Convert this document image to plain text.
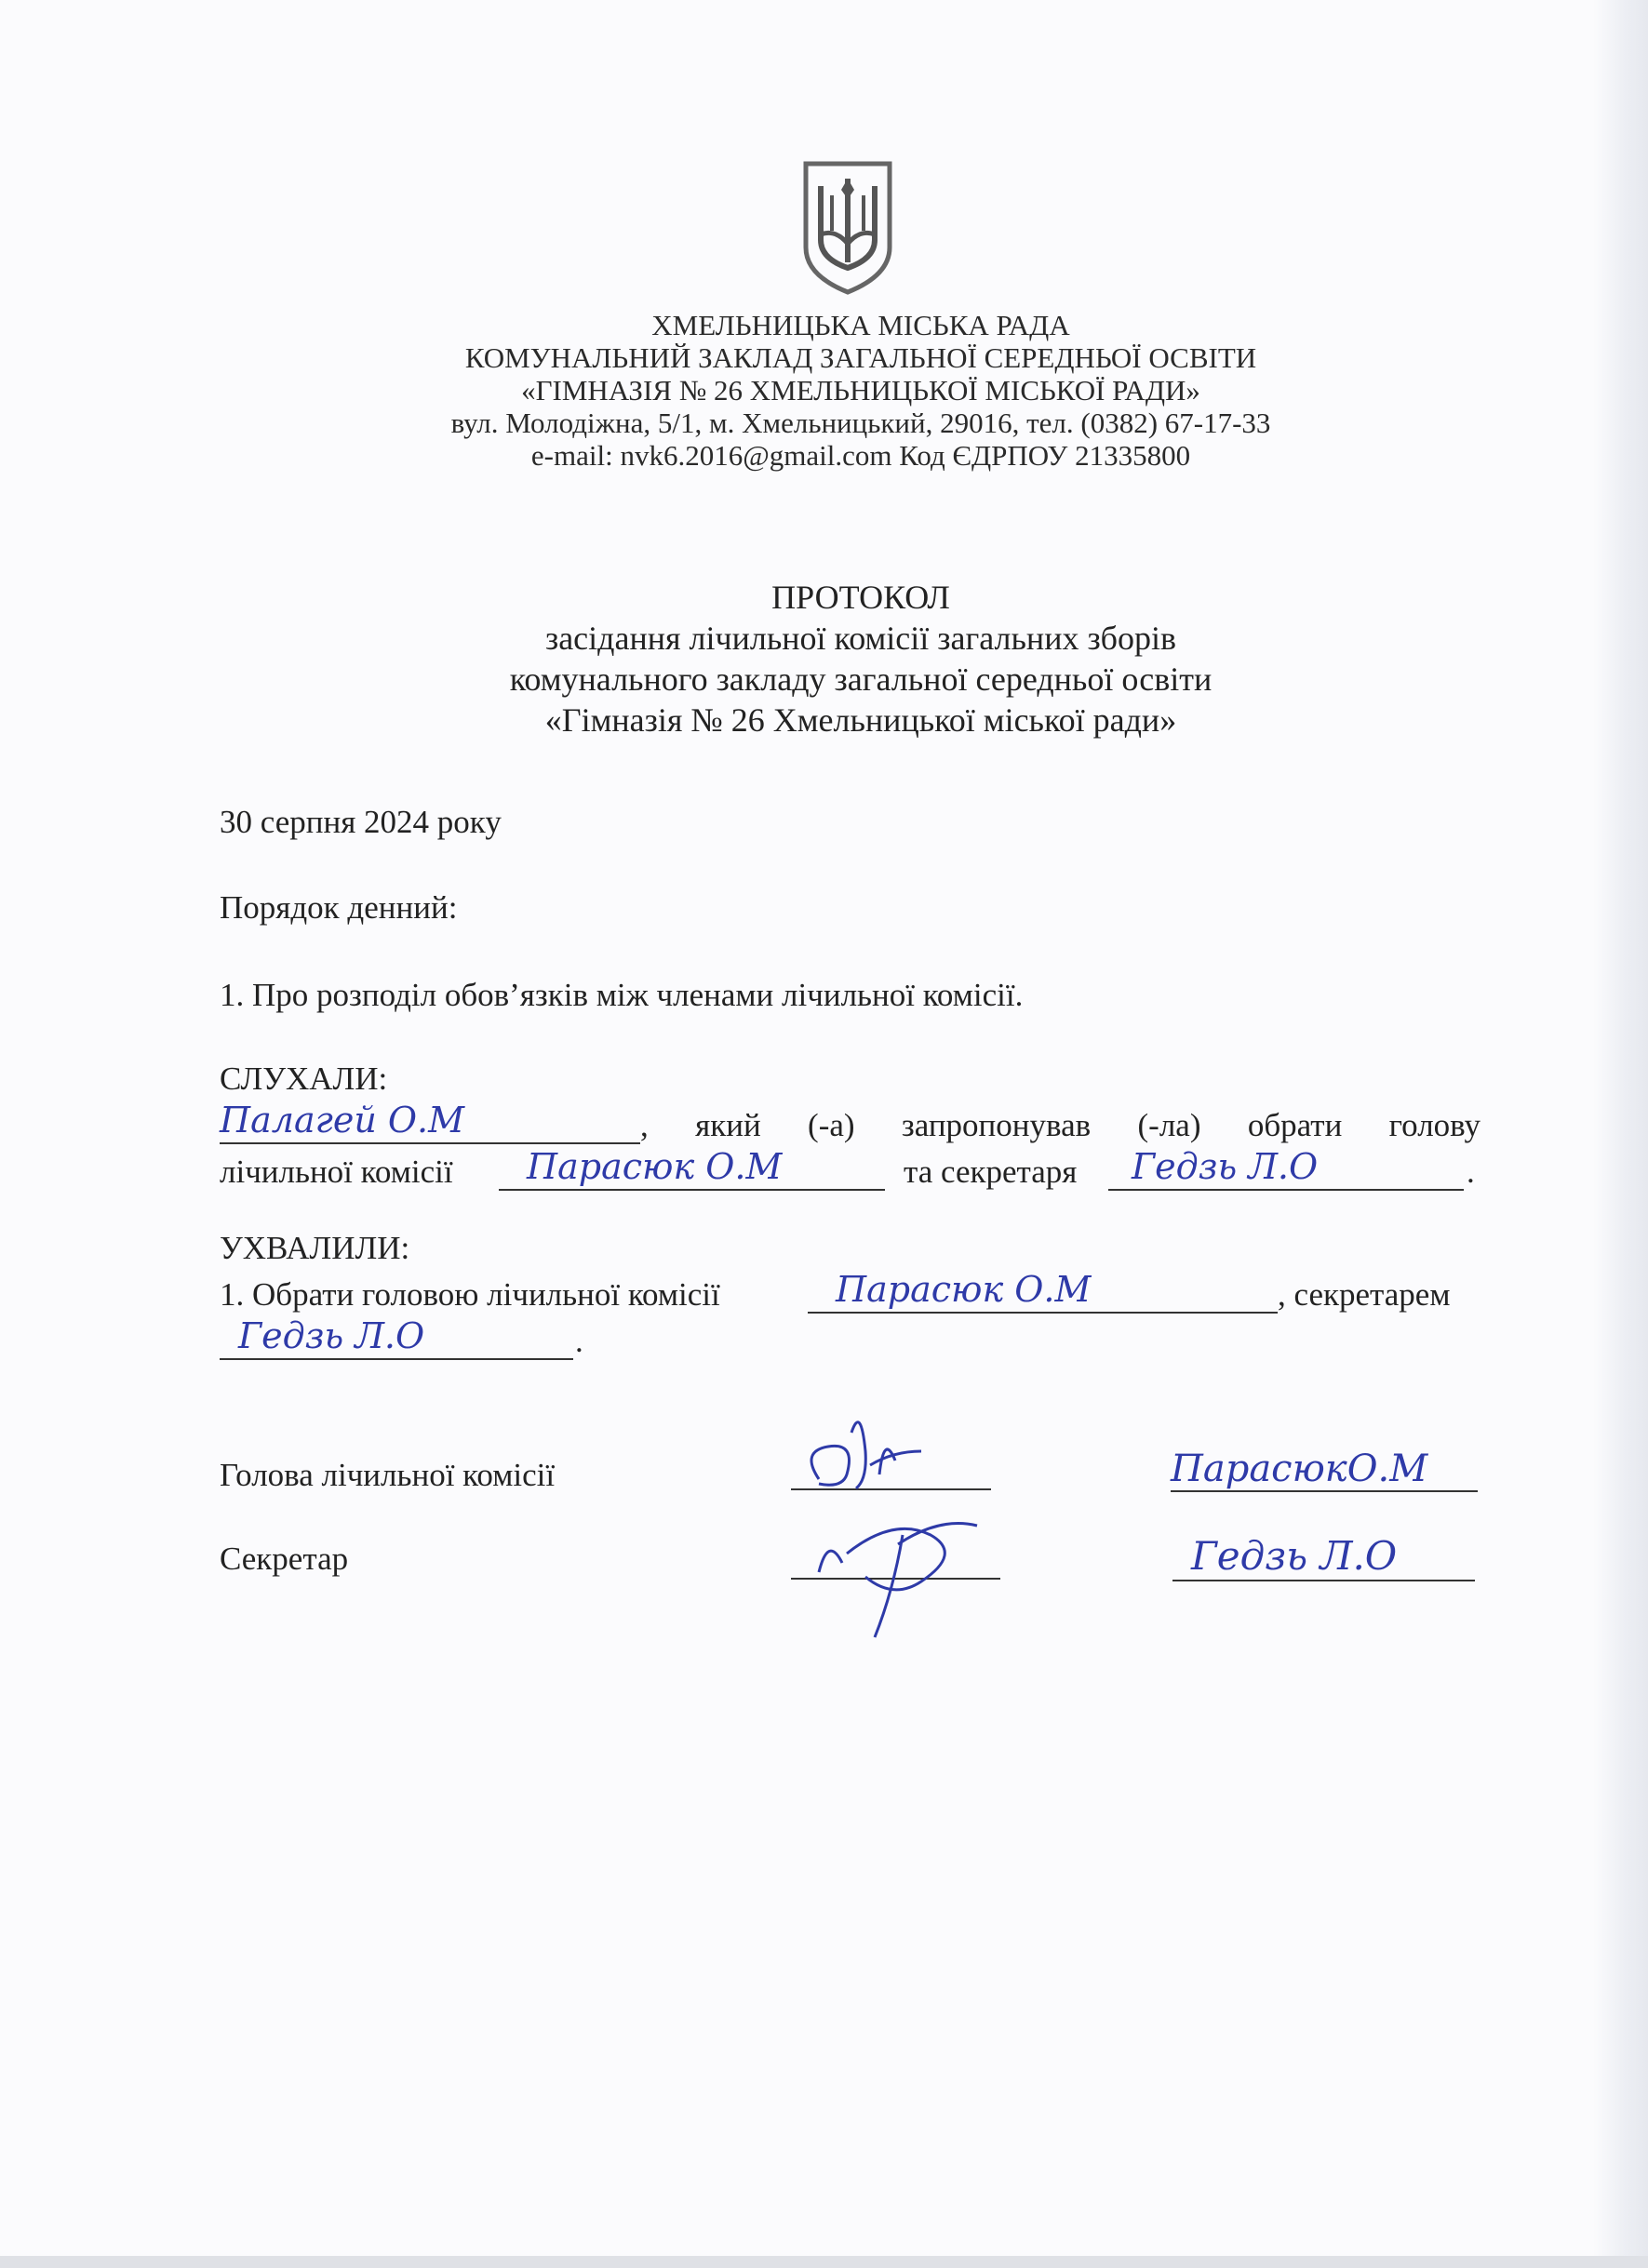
ХМЕЛЬНИЦЬКА МІСЬКА РАДА
КОМУНАЛЬНИЙ ЗАКЛАД ЗАГАЛЬНОЇ СЕРЕДНЬОЇ ОСВІТИ
«ГІМНАЗІЯ № 26 ХМЕЛЬНИЦЬКОЇ МІСЬКОЇ РАДИ»
вул. Молодіжна, 5/1, м. Хмельницький, 29016, тел. (0382) 67-17-33
e-mail: nvk6.2016@gmail.com Код ЄДРПОУ 21335800
ПРОТОКОЛ
засідання лічильної комісії загальних зборів
комунального закладу загальної середньої освіти
«Гімназія № 26 Хмельницької міської ради»
30 серпня 2024 року
Порядок денний:
1. Про розподіл обов’язків між членами лічильної комісії.
СЛУХАЛИ:
Палагей О.М	, який (-а) запропонував (-ла) обрати голову
лічильної комісії	Парасюк О.М	та секретаря	Гедзь Л.О	.
УХВАЛИЛИ:
1. Обрати головою лічильної комісії	Парасюк О.М	, секретарем
Гедзь Л.О	.
Голова лічильної комісії
Секретар
ПарасюкО.М
Гедзь Л.О
